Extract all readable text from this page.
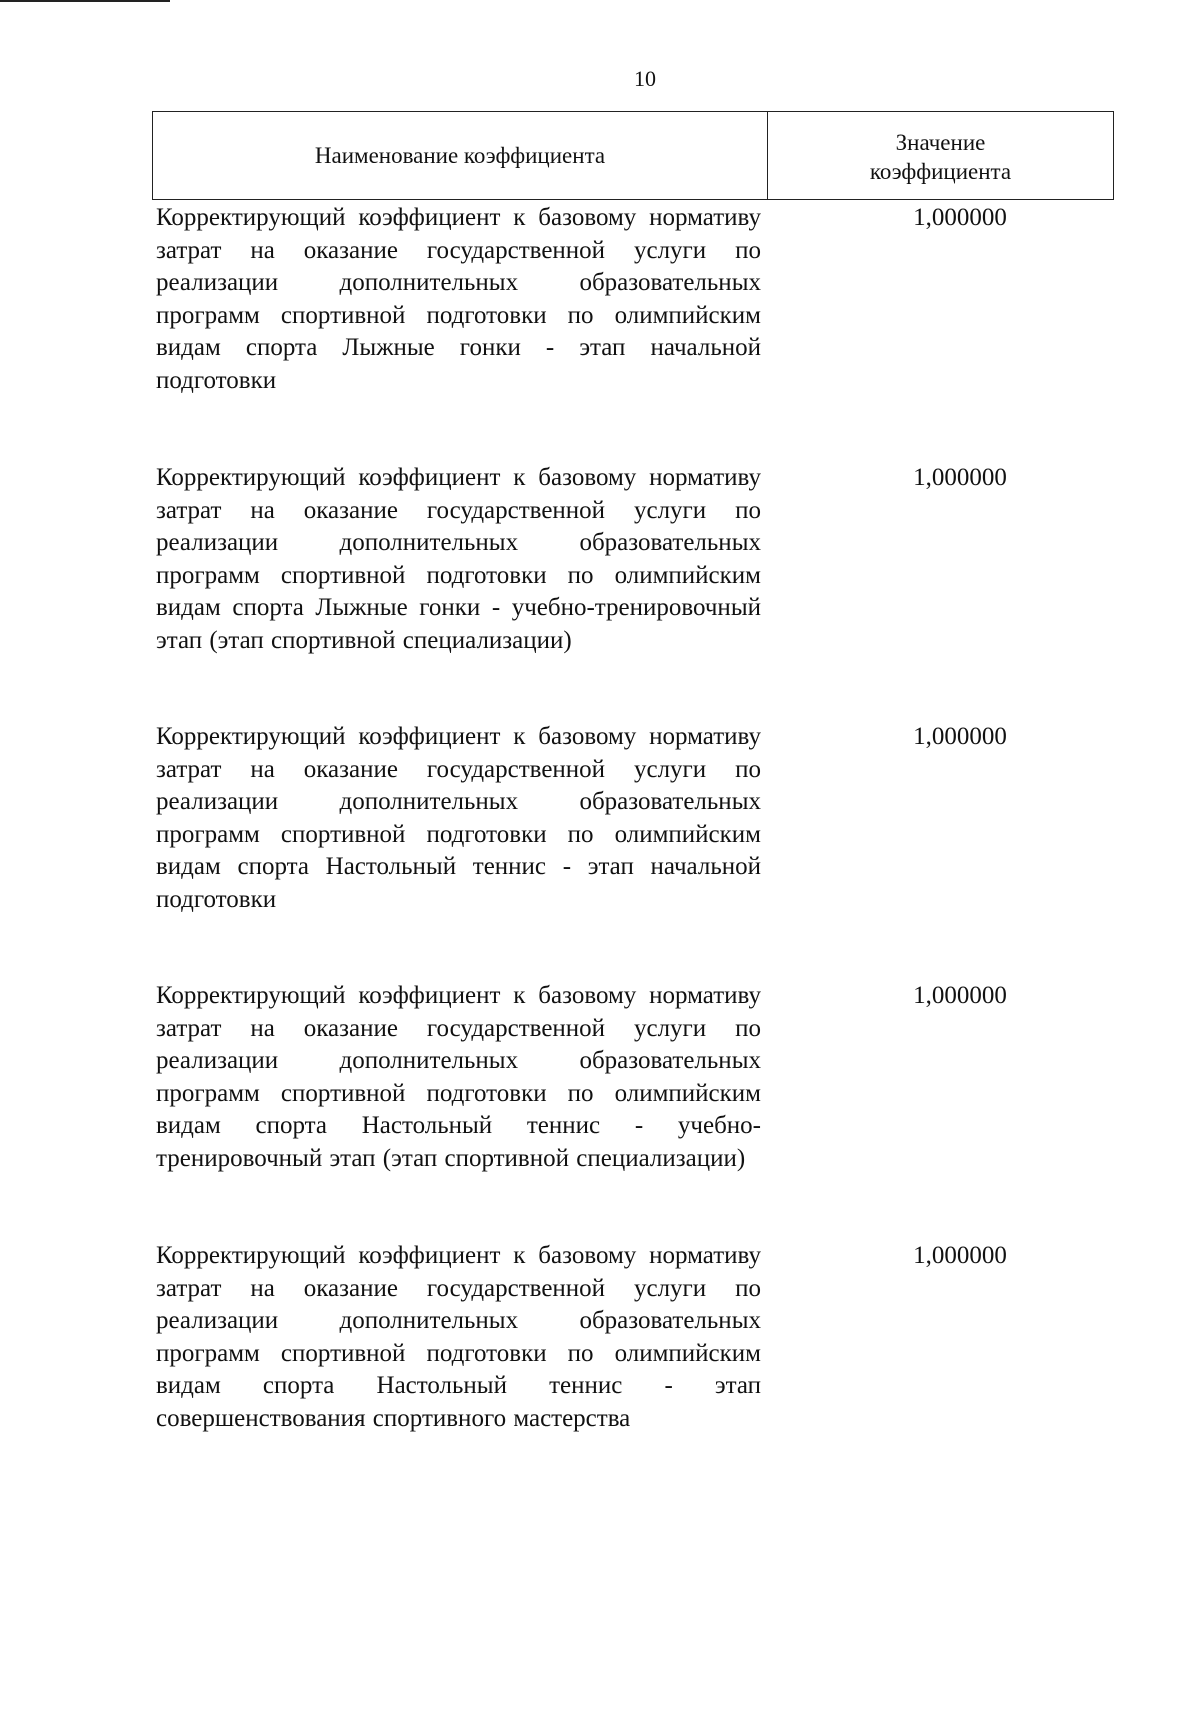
10
Наименование коэффициента
Значение
коэффициента
Корректирующий коэффициент к базовому нормативу затрат на оказание государственной услуги по реализации дополнительных образовательных программ спортивной подготовки по олимпийским видам спорта Лыжные гонки - этап начальной подготовки
1,000000
Корректирующий коэффициент к базовому нормативу затрат на оказание государственной услуги по реализации дополнительных образовательных программ спортивной подготовки по олимпийским видам спорта Лыжные гонки - учебно-тренировочный этап (этап спортивной специализации)
1,000000
Корректирующий коэффициент к базовому нормативу затрат на оказание государственной услуги по реализации дополнительных образовательных программ спортивной подготовки по олимпийским видам спорта Настольный теннис - этап начальной подготовки
1,000000
Корректирующий коэффициент к базовому нормативу затрат на оказание государственной услуги по реализации дополнительных образовательных программ спортивной подготовки по олимпийским видам спорта Настольный теннис - учебно-тренировочный этап (этап спортивной специализации)
1,000000
Корректирующий коэффициент к базовому нормативу затрат на оказание государственной услуги по реализации дополнительных образовательных программ спортивной подготовки по олимпийским видам спорта Настольный теннис - этап совершенствования спортивного мастерства
1,000000
